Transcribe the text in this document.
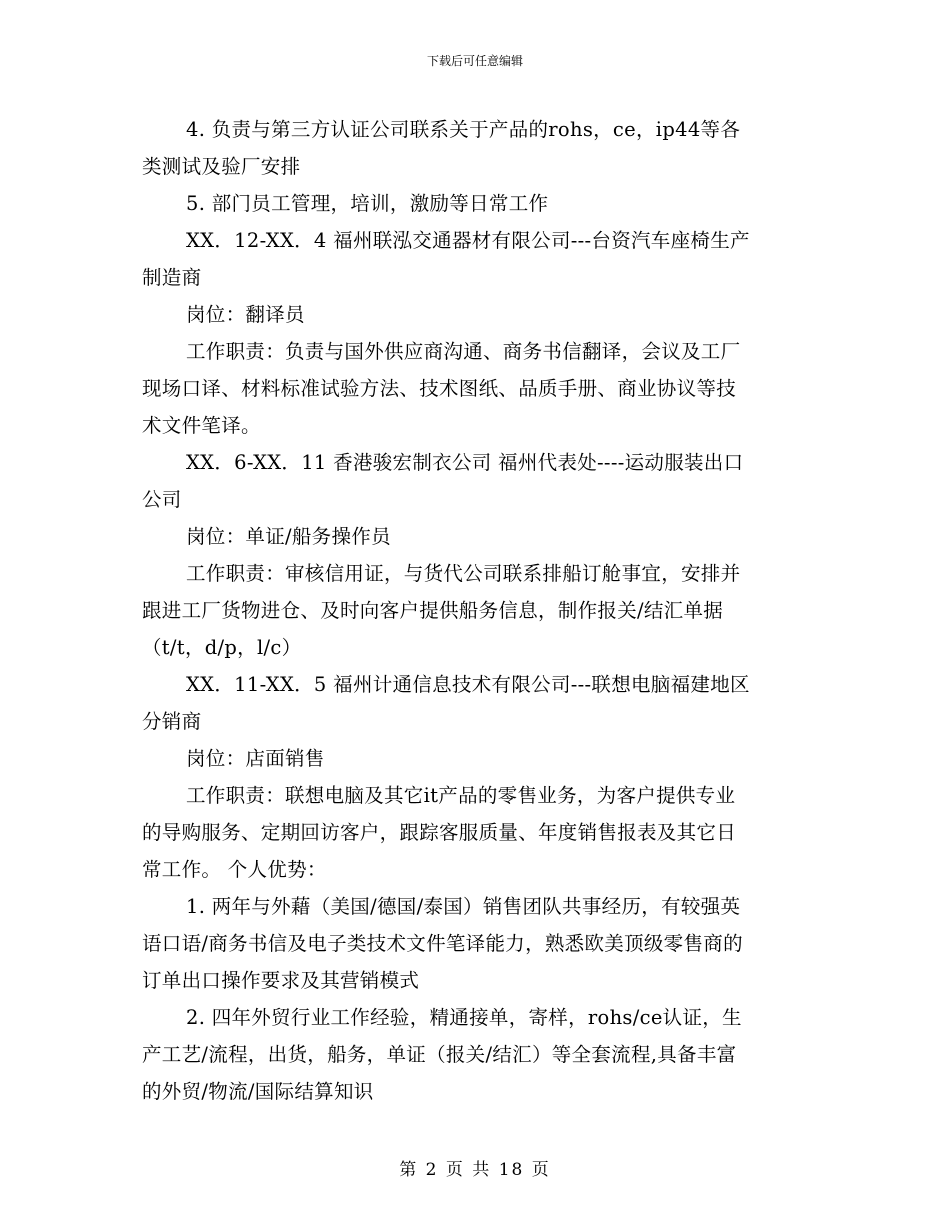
下载后可任意编辑
4. 负责与第三方认证公司联系关于产品的rohs，ce，ip44等各
类测试及验厂安排
5. 部门员工管理，培训，激励等日常工作
XX．12-XX．4 福州联泓交通器材有限公司---台资汽车座椅生产
制造商
岗位：翻译员
工作职责：负责与国外供应商沟通、商务书信翻译，会议及工厂
现场口译、材料标准试验方法、技术图纸、品质手册、商业协议等技
术文件笔译。
XX．6-XX．11 香港骏宏制衣公司 福州代表处----运动服装出口
公司
岗位：单证/船务操作员
工作职责：审核信用证，与货代公司联系排船订舱事宜，安排并
跟进工厂货物进仓、及时向客户提供船务信息，制作报关/结汇单据
（t/t，d/p，l/c）
XX．11-XX．5 福州计通信息技术有限公司---联想电脑福建地区
分销商
岗位：店面销售
工作职责：联想电脑及其它it产品的零售业务，为客户提供专业
的导购服务、定期回访客户，跟踪客服质量、年度销售报表及其它日
常工作。 个人优势：
1. 两年与外藉（美国/德国/泰国）销售团队共事经历，有较强英
语口语/商务书信及电子类技术文件笔译能力，熟悉欧美顶级零售商的
订单出口操作要求及其营销模式
2. 四年外贸行业工作经验，精通接单，寄样，rohs/ce认证，生
产工艺/流程，出货，船务，单证（报关/结汇）等全套流程,具备丰富
的外贸/物流/国际结算知识
第 2 页 共 18 页
